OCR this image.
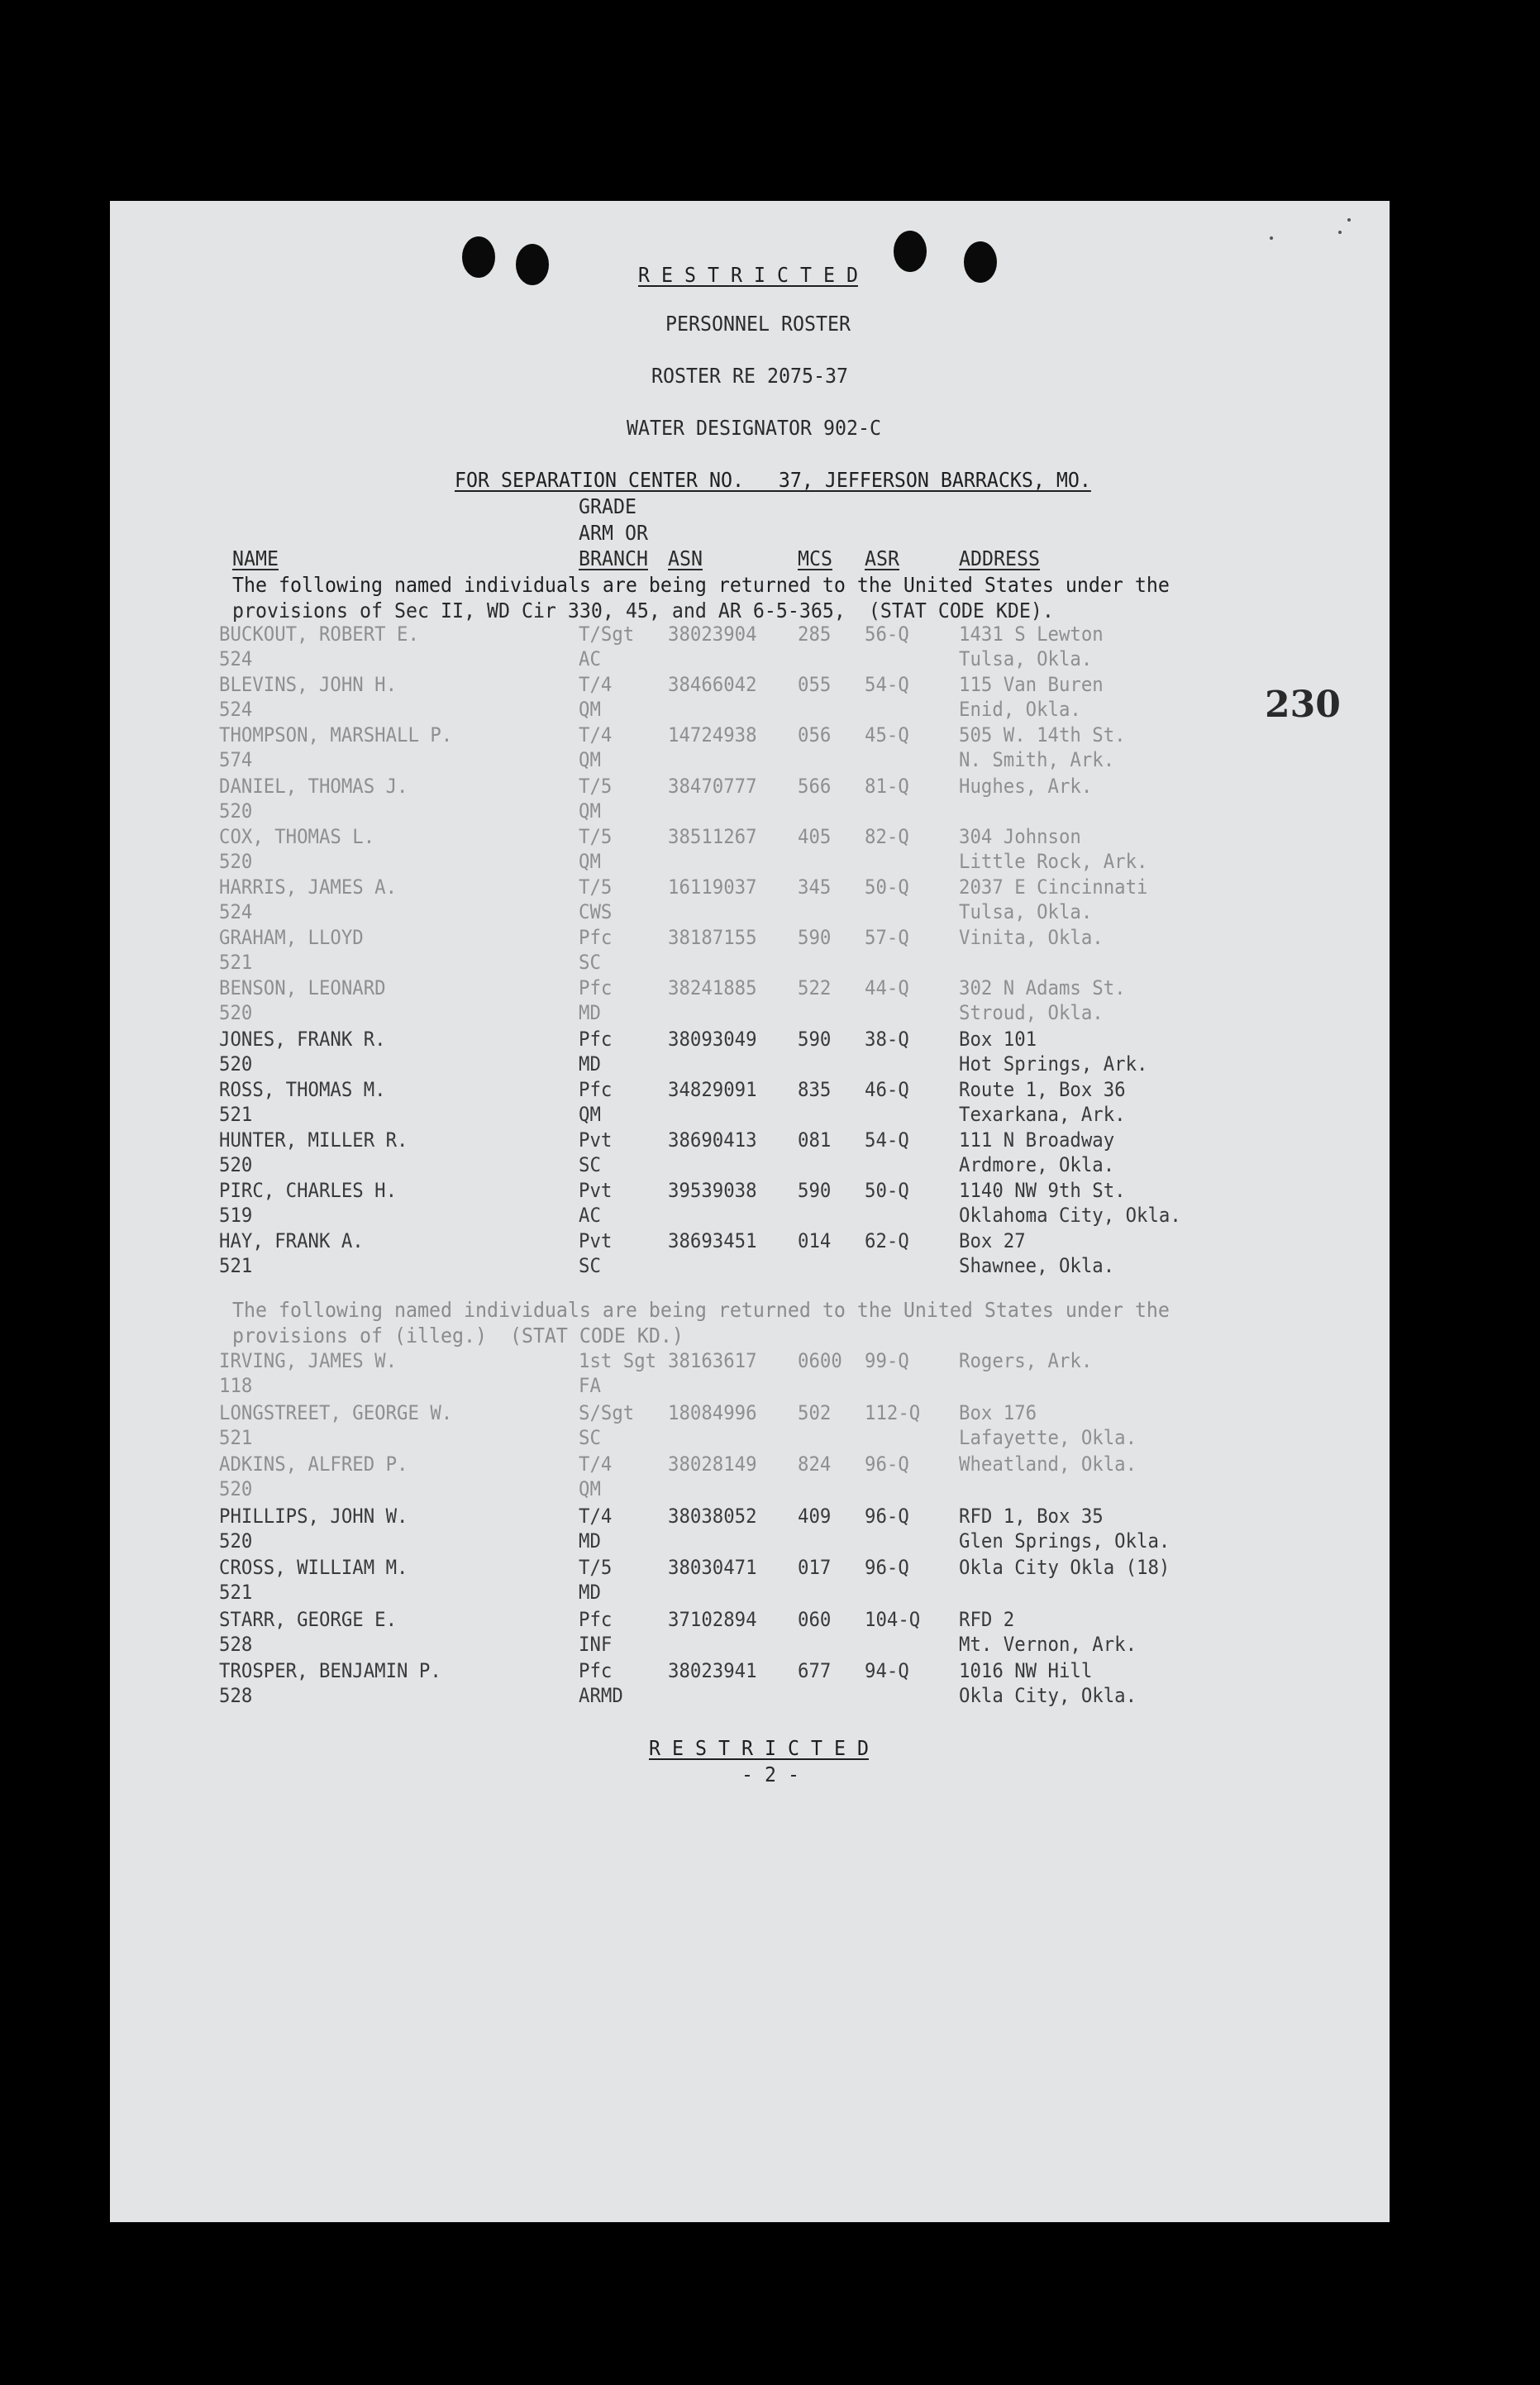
R E S T R I C T E D
PERSONNEL ROSTER
ROSTER RE 2075-37
WATER DESIGNATOR 902-C
FOR SEPARATION CENTER NO.   37, JEFFERSON BARRACKS, MO.
230
GRADE
ARM OR
NAME	BRANCH ASN	MCS ASR	ADDRESS
The following named individuals are being returned to the United States under the
provisions of Sec II, WD Cir 330, 45, and AR 6-5-365,  (STAT CODE KDE).
BUCKOUT, ROBERT E.	T/Sgt 38023904 285 56-Q	1431 S Lewton
524	AC	Tulsa, Okla.
BLEVINS, JOHN H.	T/4	38466042 055 54-Q	115 Van Buren
524	QM	Enid, Okla.
THOMPSON, MARSHALL P.	T/4	14724938 056 45-Q	505 W. 14th St.
574	QM	N. Smith, Ark.
DANIEL, THOMAS J.	T/5	38470777 566 81-Q	Hughes, Ark.
520	QM
COX, THOMAS L.	T/5	38511267 405 82-Q	304 Johnson
520	QM	Little Rock, Ark.
HARRIS, JAMES A.	T/5	16119037 345 50-Q	2037 E Cincinnati
524	CWS	Tulsa, Okla.
GRAHAM, LLOYD	Pfc	38187155 590 57-Q	Vinita, Okla.
521	SC
BENSON, LEONARD	Pfc	38241885 522 44-Q	302 N Adams St.
520	MD	Stroud, Okla.
JONES, FRANK R.	Pfc	38093049 590 38-Q	Box 101
520	MD	Hot Springs, Ark.
ROSS, THOMAS M.	Pfc	34829091 835 46-Q	Route 1, Box 36
521	QM	Texarkana, Ark.
HUNTER, MILLER R.	Pvt	38690413 081 54-Q	111 N Broadway
520	SC	Ardmore, Okla.
PIRC, CHARLES H.	Pvt	39539038 590 50-Q	1140 NW 9th St.
519	AC	Oklahoma City, Okla.
HAY, FRANK A.	Pvt	38693451 014 62-Q	Box 27
521	SC	Shawnee, Okla.
The following named individuals are being returned to the United States under the
provisions of (illeg.)  (STAT CODE KD.)
IRVING, JAMES W.	1st Sgt 38163617 0600 99-Q	Rogers, Ark.
118	FA
LONGSTREET, GEORGE W.	S/Sgt 18084996 502 112-Q Box 176
521	SC	Lafayette, Okla.
ADKINS, ALFRED P.	T/4	38028149 824 96-Q	Wheatland, Okla.
520	QM
PHILLIPS, JOHN W.	T/4	38038052 409 96-Q	RFD 1, Box 35
520	MD	Glen Springs, Okla.
CROSS, WILLIAM M.	T/5	38030471 017 96-Q	Okla City Okla (18)
521	MD
STARR, GEORGE E.	Pfc	37102894 060 104-Q RFD 2
528	INF	Mt. Vernon, Ark.
TROSPER, BENJAMIN P.	Pfc	38023941 677 94-Q	1016 NW Hill
528	ARMD	Okla City, Okla.
R E S T R I C T E D
- 2 -
